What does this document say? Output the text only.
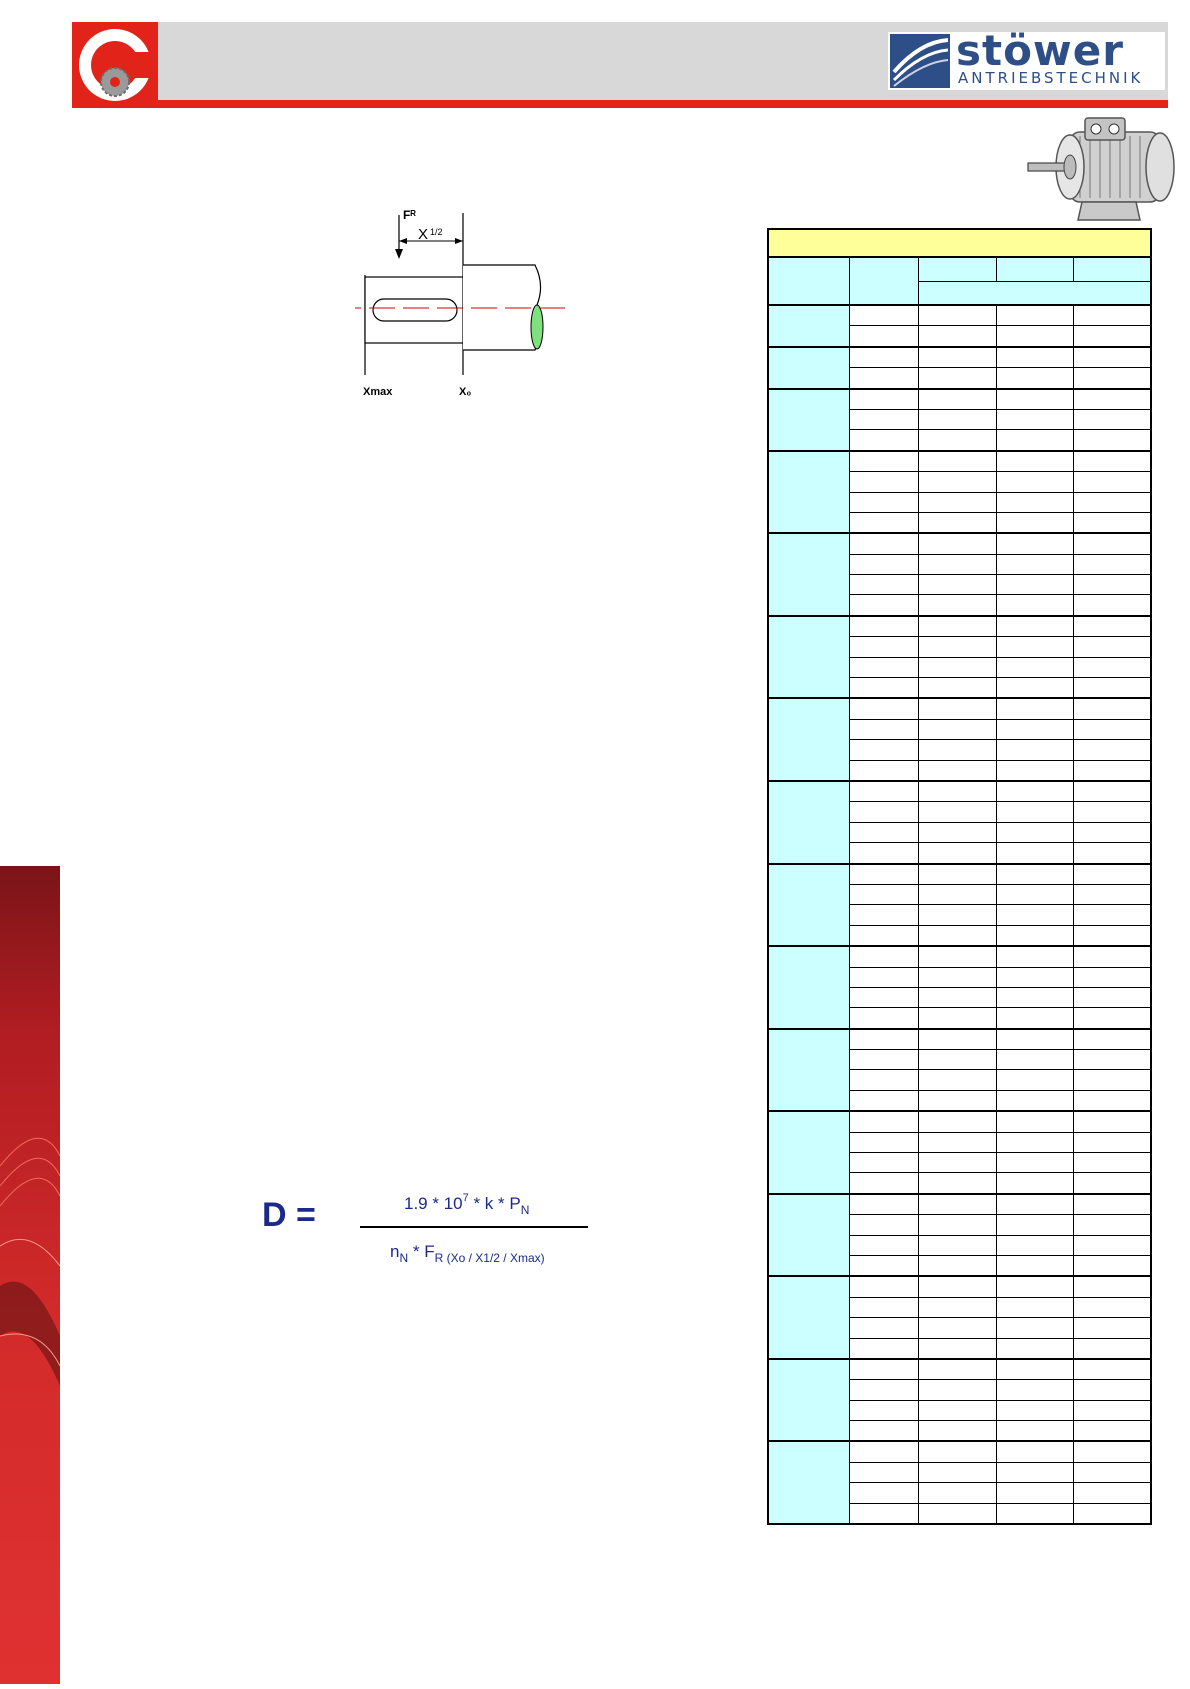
stöwer
ANTRIEBSTECHNIK
Fᴿ
X 1/2
Xmax	X₀
D =	$1.9 * 10^7$ * k * $P_N$
$n_N * F_{R (Xo / X1/2 / Xmax)}$
